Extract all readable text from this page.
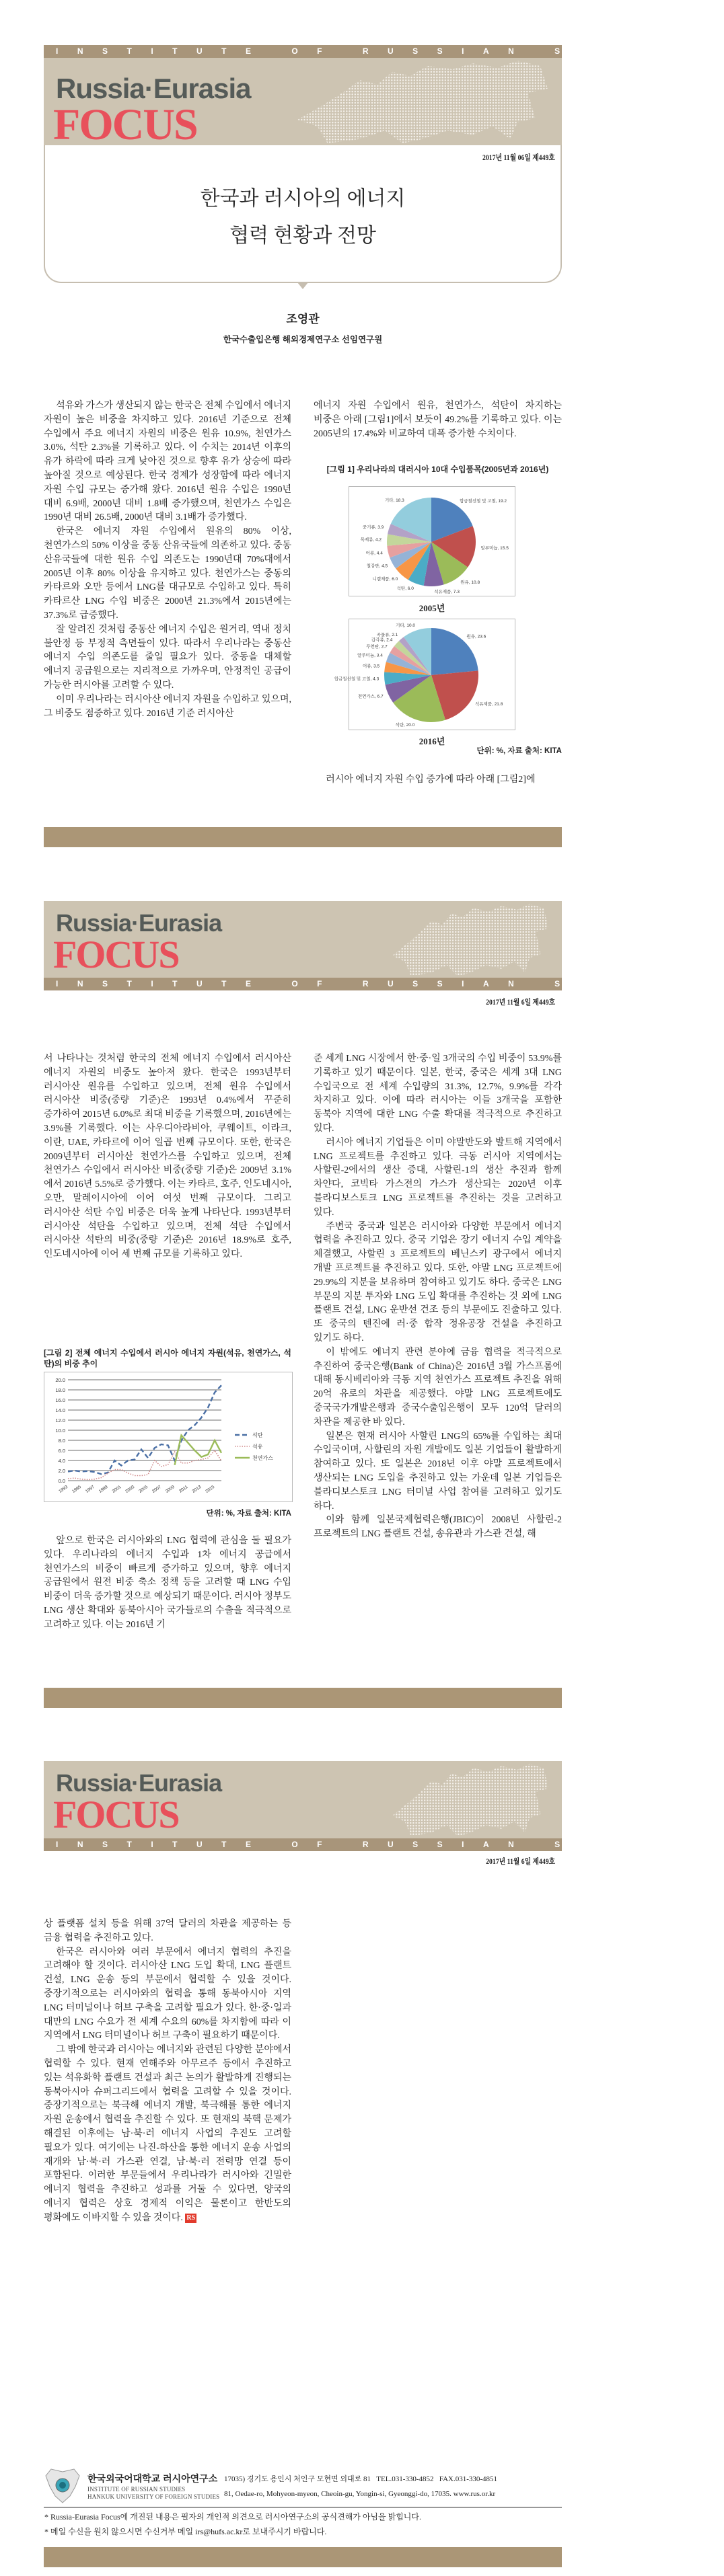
INSTITUTE OF RUSSIAN STUDIES
Russia·Eurasia
FOCUS
2017년 11월 06일 제449호
한국과 러시아의 에너지
협력 현황과 전망
조영관
한국수출입은행 해외경제연구소 선임연구원

석유와 가스가 생산되지 않는 한국은 전체 수입에서 에너지 자원이 높은 비중을 차지하고 있다. 2016년 기준으로 전체 수입에서 주요 에너지 자원의 비중은 원유 10.9%, 천연가스 3.0%, 석탄 2.3%를 기록하고 있다. 이 수치는 2014년 이후의 유가 하락에 따라 크게 낮아진 것으로 향후 유가 상승에 따라 높아질 것으로 예상된다. 한국 경제가 성장함에 따라 에너지 자원 수입 규모는 증가해 왔다. 2016년 원유 수입은 1990년 대비 6.9배, 2000년 대비 1.8배 증가했으며, 천연가스 수입은 1990년 대비 26.5배, 2000년 대비 3.1배가 증가했다.

한국은 에너지 자원 수입에서 원유의 80% 이상, 천연가스의 50% 이상을 중동 산유국들에 의존하고 있다. 중동 산유국들에 대한 원유 수입 의존도는 1990년대 70%대에서 2005년 이후 80% 이상을 유지하고 있다. 천연가스는 중동의 카타르와 오만 등에서 LNG를 대규모로 수입하고 있다. 특히 카타르산 LNG 수입 비중은 2000년 21.3%에서 2015년에는 37.3%로 급증했다.

잘 알려진 것처럼 중동산 에너지 수입은 원거리, 역내 정치 불안정 등 부정적 측면들이 있다. 따라서 우리나라는 중동산 에너지 수입 의존도를 줄일 필요가 있다. 중동을 대체할 에너지 공급원으로는 지리적으로 가까우며, 안정적인 공급이 가능한 러시아를 고려할 수 있다.

이미 우리나라는 러시아산 에너지 자원을 수입하고 있으며, 그 비중도 점증하고 있다. 2016년 기준 러시아산

에너지 자원 수입에서 원유, 천연가스, 석탄이 차지하는 비중은 아래 [그림1]에서 보듯이 49.2%를 기록하고 있다. 이는 2005년의 17.4%와 비교하여 대폭 증가한 수치이다.

[그림 1] 우리나라의 대러시아 10대 수입품목(2005년과 2016년)
합금철선철 및 고철, 19.2
알루미늄, 15.5
원유, 10.8
석유제품, 7.3
석탄, 6.0
니켈제품, 6.0
철강판, 4.5
어류, 4.4
목재류, 4.2
중기류, 3.9
기타, 18.3
2005년
원유, 23.6
석유제품, 21.8
석탄, 20.0
천연가스, 6.7
합금철선철 및 고철, 4.3
어류, 3.5
알루미늄, 3.4
무연탄, 2.7
갑각류, 2.4
곡물류, 2.1
기타, 10.0
2016년
단위: %, 자료 출처: KITA

러시아 에너지 자원 수입 증가에 따라 아래 [그림2]에

Russia·Eurasia
FOCUS
INSTITUTE OF RUSSIAN STUDIES
2017년 11월 6일 제449호

서 나타나는 것처럼 한국의 전체 에너지 수입에서 러시아산 에너지 자원의 비중도 높아져 왔다. 한국은 1993년부터 러시아산 원유를 수입하고 있으며, 전체 원유 수입에서 러시아산 비중(중량 기준)은 1993년 0.4%에서 꾸준히 증가하여 2015년 6.0%로 최대 비중을 기록했으며, 2016년에는 3.9%를 기록했다. 이는 사우디아라비아, 쿠웨이트, 이라크, 이란, UAE, 카타르에 이어 일곱 번째 규모이다. 또한, 한국은 2009년부터 러시아산 천연가스를 수입하고 있으며, 전체 천연가스 수입에서 러시아산 비중(중량 기준)은 2009년 3.1%에서 2016년 5.5%로 증가했다. 이는 카타르, 호주, 인도네시아, 오만, 말레이시아에 이어 여섯 번째 규모이다. 그리고 러시아산 석탄 수입 비중은 더욱 높게 나타난다. 1993년부터 러시아산 석탄을 수입하고 있으며, 전체 석탄 수입에서 러시아산 석탄의 비중(중량 기준)은 2016년 18.9%로 호주, 인도네시아에 이어 세 번째 규모를 기록하고 있다.

[그림 2] 전체 에너지 수입에서 러시아 에너지 자원(석유, 천연가스, 석탄)의 비중 추이
0.0
2.0
4.0
6.0
8.0
10.0
12.0
14.0
16.0
18.0
20.0
1993 1995 1997 1999 2001 2003 2005 2007 2009 2011 2013 2015
석탄
석유
천연가스
단위: %, 자료 출처: KITA

앞으로 한국은 러시아와의 LNG 협력에 관심을 둘 필요가 있다. 우리나라의 에너지 수입과 1차 에너지 공급에서 천연가스의 비중이 빠르게 증가하고 있으며, 향후 에너지 공급원에서 원전 비중 축소 정책 등을 고려할 때 LNG 수입 비중이 더욱 증가할 것으로 예상되기 때문이다. 러시아 정부도 LNG 생산 확대와 동북아시아 국가들로의 수출을 적극적으로 고려하고 있다. 이는 2016년 기

준 세계 LNG 시장에서 한·중·일 3개국의 수입 비중이 53.9%를 기록하고 있기 때문이다. 일본, 한국, 중국은 세계 3대 LNG 수입국으로 전 세계 수입량의 31.3%, 12.7%, 9.9%를 각각 차지하고 있다. 이에 따라 러시아는 이들 3개국을 포함한 동북아 지역에 대한 LNG 수출 확대를 적극적으로 추진하고 있다.

러시아 에너지 기업들은 이미 야말반도와 발트해 지역에서 LNG 프로젝트를 추진하고 있다. 극동 러시아 지역에서는 사할린-2에서의 생산 증대, 사할린-1의 생산 추진과 함께 차얀다, 코빅타 가스전의 가스가 생산되는 2020년 이후 블라디보스토크 LNG 프로젝트를 추진하는 것을 고려하고 있다.

주변국 중국과 일본은 러시아와 다양한 부문에서 에너지 협력을 추진하고 있다. 중국 기업은 장기 에너지 수입 계약을 체결했고, 사할린 3 프로젝트의 베닌스키 광구에서 에너지 개발 프로젝트를 추진하고 있다. 또한, 야말 LNG 프로젝트에 29.9%의 지분을 보유하며 참여하고 있기도 하다. 중국은 LNG 부문의 지분 투자와 LNG 도입 확대를 추진하는 것 외에 LNG 플랜트 건설, LNG 운반선 건조 등의 부문에도 진출하고 있다. 또 중국의 텐진에 러·중 합작 정유공장 건설을 추진하고 있기도 하다.

이 밖에도 에너지 관련 분야에 금융 협력을 적극적으로 추진하여 중국은행(Bank of China)은 2016년 3월 가스프롬에 대해 동시베리아와 극동 지역 천연가스 프로젝트 추진을 위해 20억 유로의 차관을 제공했다. 야말 LNG 프로젝트에도 중국국가개발은행과 중국수출입은행이 모두 120억 달러의 차관을 제공한 바 있다.

일본은 현재 러시아 사할린 LNG의 65%를 수입하는 최대 수입국이며, 사할린의 자원 개발에도 일본 기업들이 활발하게 참여하고 있다. 또 일본은 2018년 이후 야말 프로젝트에서 생산되는 LNG 도입을 추진하고 있는 가운데 일본 기업들은 블라디보스토크 LNG 터미널 사업 참여를 고려하고 있기도 하다.

이와 함께 일본국제협력은행(JBIC)이 2008년 사할린-2 프로젝트의 LNG 플랜트 건설, 송유관과 가스관 건설, 해

Russia·Eurasia
FOCUS
INSTITUTE OF RUSSIAN STUDIES
2017년 11월 6일 제449호

상 플랫폼 설치 등을 위해 37억 달러의 차관을 제공하는 등 금융 협력을 추진하고 있다.

한국은 러시아와 여러 부문에서 에너지 협력의 추진을 고려해야 할 것이다. 러시아산 LNG 도입 확대, LNG 플랜트 건설, LNG 운송 등의 부문에서 협력할 수 있을 것이다. 중장기적으로는 러시아와의 협력을 통해 동북아시아 지역 LNG 터미널이나 허브 구축을 고려할 필요가 있다. 한·중·일과 대만의 LNG 수요가 전 세계 수요의 60%를 차지함에 따라 이 지역에서 LNG 터미널이나 허브 구축이 필요하기 때문이다.

그 밖에 한국과 러시아는 에너지와 관련된 다양한 분야에서 협력할 수 있다. 현재 연해주와 아무르주 등에서 추진하고 있는 석유화학 플랜트 건설과 최근 논의가 활발하게 진행되는 동북아시아 슈퍼그리드에서 협력을 고려할 수 있을 것이다. 중장기적으로는 북극해 에너지 개발, 북극해를 통한 에너지 자원 운송에서 협력을 추진할 수 있다. 또 현재의 북핵 문제가 해결된 이후에는 남·북·러 에너지 사업의 추진도 고려할 필요가 있다. 여기에는 나진-하산을 통한 에너지 운송 사업의 재개와 남·북·러 가스관 연결, 남·북·러 전력망 연결 등이 포함된다. 이러한 부문들에서 우리나라가 러시아와 긴밀한 에너지 협력을 추진하고 성과를 거둘 수 있다면, 양국의 에너지 협력은 상호 경제적 이익은 물론이고 한반도의 평화에도 이바지할 수 있을 것이다. RS

한국외국어대학교 러시아연구소
INSTITUTE OF RUSSIAN STUDIES
HANKUK UNIVERSITY OF FOREIGN STUDIES
17035) 경기도 용인시 처인구 모현면 외대로 81   TEL.031-330-4852   FAX.031-330-4851
81, Oedae-ro, Mohyeon-myeon, Cheoin-gu, Yongin-si, Gyeonggi-do, 17035. www.rus.or.kr
* Russia-Eurasia Focus에 개진된 내용은 필자의 개인적 의견으로 러시아연구소의 공식견해가 아님을 밝힙니다.
* 메일 수신을 원치 않으시면 수신거부 메일 irs@hufs.ac.kr로 보내주시기 바랍니다.
